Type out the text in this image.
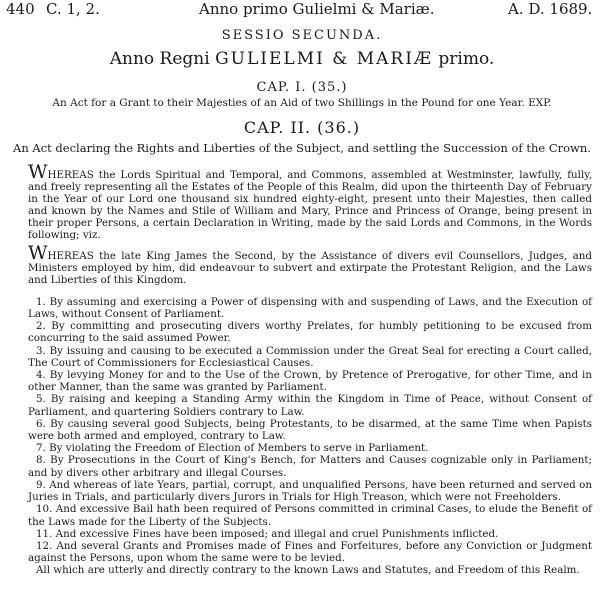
440 C. 1, 2.	Anno primo Gulielmi & Mariæ.	A. D. 1689.
SESSIO SECUNDA.
Anno Regni GULIELMI & MARIÆ primo.
CAP. I. (35.)
An Act for a Grant to their Majesties of an Aid of two Shillings in the Pound for one Year. EXP.
CAP. II. (36.)
An Act declaring the Rights and Liberties of the Subject, and settling the Succession of the Crown.

WHEREAS the Lords Spiritual and Temporal, and Commons, assembled at Westminster, lawfully, fully, and freely representing all the Estates of the People of this Realm, did upon the thirteenth Day of February in the Year of our Lord one thousand six hundred eighty-eight, present unto their Majesties, then called and known by the Names and Stile of William and Mary, Prince and Princess of Orange, being present in their proper Persons, a certain Declaration in Writing, made by the said Lords and Commons, in the Words following; viz.

WHEREAS the late King James the Second, by the Assistance of divers evil Counsellors, Judges, and Ministers employed by him, did endeavour to subvert and extirpate the Protestant Religion, and the Laws and Liberties of this Kingdom.

1. By assuming and exercising a Power of dispensing with and suspending of Laws, and the Execution of Laws, without Consent of Parliament.
2. By committing and prosecuting divers worthy Prelates, for humbly petitioning to be excused from concurring to the said assumed Power.
3. By issuing and causing to be executed a Commission under the Great Seal for erecting a Court called, The Court of Commissioners for Ecclesiastical Causes.
4. By levying Money for and to the Use of the Crown, by Pretence of Prerogative, for other Time, and in other Manner, than the same was granted by Parliament.
5. By raising and keeping a Standing Army within the Kingdom in Time of Peace, without Consent of Parliament, and quartering Soldiers contrary to Law.
6. By causing several good Subjects, being Protestants, to be disarmed, at the same Time when Papists were both armed and employed, contrary to Law.
7. By violating the Freedom of Election of Members to serve in Parliament.
8. By Prosecutions in the Court of King's Bench, for Matters and Causes cognizable only in Parliament; and by divers other arbitrary and illegal Courses.
9. And whereas of late Years, partial, corrupt, and unqualified Persons, have been returned and served on Juries in Trials, and particularly divers Jurors in Trials for High Treason, which were not Freeholders.
10. And excessive Bail hath been required of Persons committed in criminal Cases, to elude the Benefit of the Laws made for the Liberty of the Subjects.
11. And excessive Fines have been imposed; and illegal and cruel Punishments inflicted.
12. And several Grants and Promises made of Fines and Forfeitures, before any Conviction or Judgment against the Persons, upon whom the same were to be levied.
All which are utterly and directly contrary to the known Laws and Statutes, and Freedom of this Realm.
